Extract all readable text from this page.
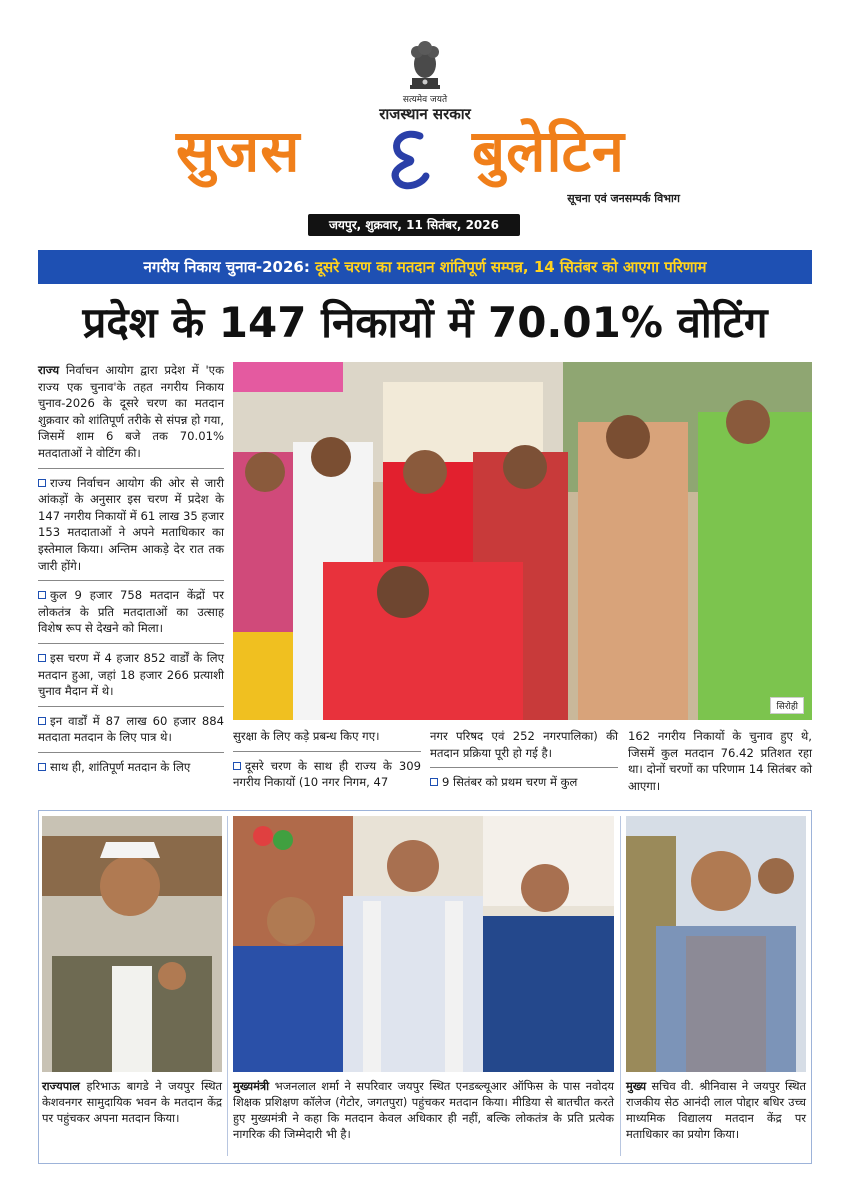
सत्यमेव जयते
राजस्थान सरकार
सुजस	बुलेटिन
सूचना एवं जनसम्पर्क विभाग
जयपुर, शुक्रवार, 11 सितंबर, 2026
नगरीय निकाय चुनाव-2026: दूसरे चरण का मतदान शांतिपूर्ण सम्पन्न, 14 सितंबर को आएगा परिणाम
प्रदेश के 147 निकायों में 70.01% वोटिंग

राज्य निर्वाचन आयोग द्वारा प्रदेश में 'एक राज्य एक चुनाव'के तहत नगरीय निकाय चुनाव-2026 के दूसरे चरण का मतदान शुक्रवार को शांतिपूर्ण तरीके से संपन्न हो गया, जिसमें शाम 6 बजे तक 70.01% मतदाताओं ने वोटिंग की।

राज्य निर्वाचन आयोग की ओर से जारी आंकड़ों के अनुसार इस चरण में प्रदेश के 147 नगरीय निकायों में 61 लाख 35 हजार 153 मतदाताओं ने अपने मताधिकार का इस्तेमाल किया। अन्तिम आकड़े देर रात तक जारी होंगे।

कुल 9 हजार 758 मतदान केंद्रों पर लोकतंत्र के प्रति मतदाताओं का उत्साह विशेष रूप से देखने को मिला।

इस चरण में 4 हजार 852 वार्डों के लिए मतदान हुआ, जहां 18 हजार 266 प्रत्याशी चुनाव मैदान में थे।

इन वार्डों में 87 लाख 60 हजार 884 मतदाता मतदान के लिए पात्र थे।

साथ ही, शांतिपूर्ण मतदान के लिए

सिरोही

सुरक्षा के लिए कड़े प्रबन्ध किए गए।

दूसरे चरण के साथ ही राज्य के 309 नगरीय निकायों (10 नगर निगम, 47

नगर परिषद एवं 252 नगरपालिका) की मतदान प्रक्रिया पूरी हो गई है।

9 सितंबर को प्रथम चरण में कुल

162 नगरीय निकायों के चुनाव हुए थे, जिसमें कुल मतदान 76.42 प्रतिशत रहा था। दोनों चरणों का परिणाम 14 सितंबर को आएगा।

राज्यपाल हरिभाऊ बागडे ने जयपुर स्थित केशवनगर सामुदायिक भवन के मतदान केंद्र पर पहुंचकर अपना मतदान किया।
मुख्यमंत्री भजनलाल शर्मा ने सपरिवार जयपुर स्थित एनडब्ल्यूआर ऑफिस के पास नवोदय शिक्षक प्रशिक्षण कॉलेज (गेटोर, जगतपुरा) पहुंचकर मतदान किया। मीडिया से बातचीत करते हुए मुख्यमंत्री ने कहा कि मतदान केवल अधिकार ही नहीं, बल्कि लोकतंत्र के प्रति प्रत्येक नागरिक की जिम्मेदारी भी है।
मुख्य सचिव वी. श्रीनिवास ने जयपुर स्थित राजकीय सेठ आनंदी लाल पोद्दार बधिर उच्च माध्यमिक विद्यालय मतदान केंद्र पर मताधिकार का प्रयोग किया।
